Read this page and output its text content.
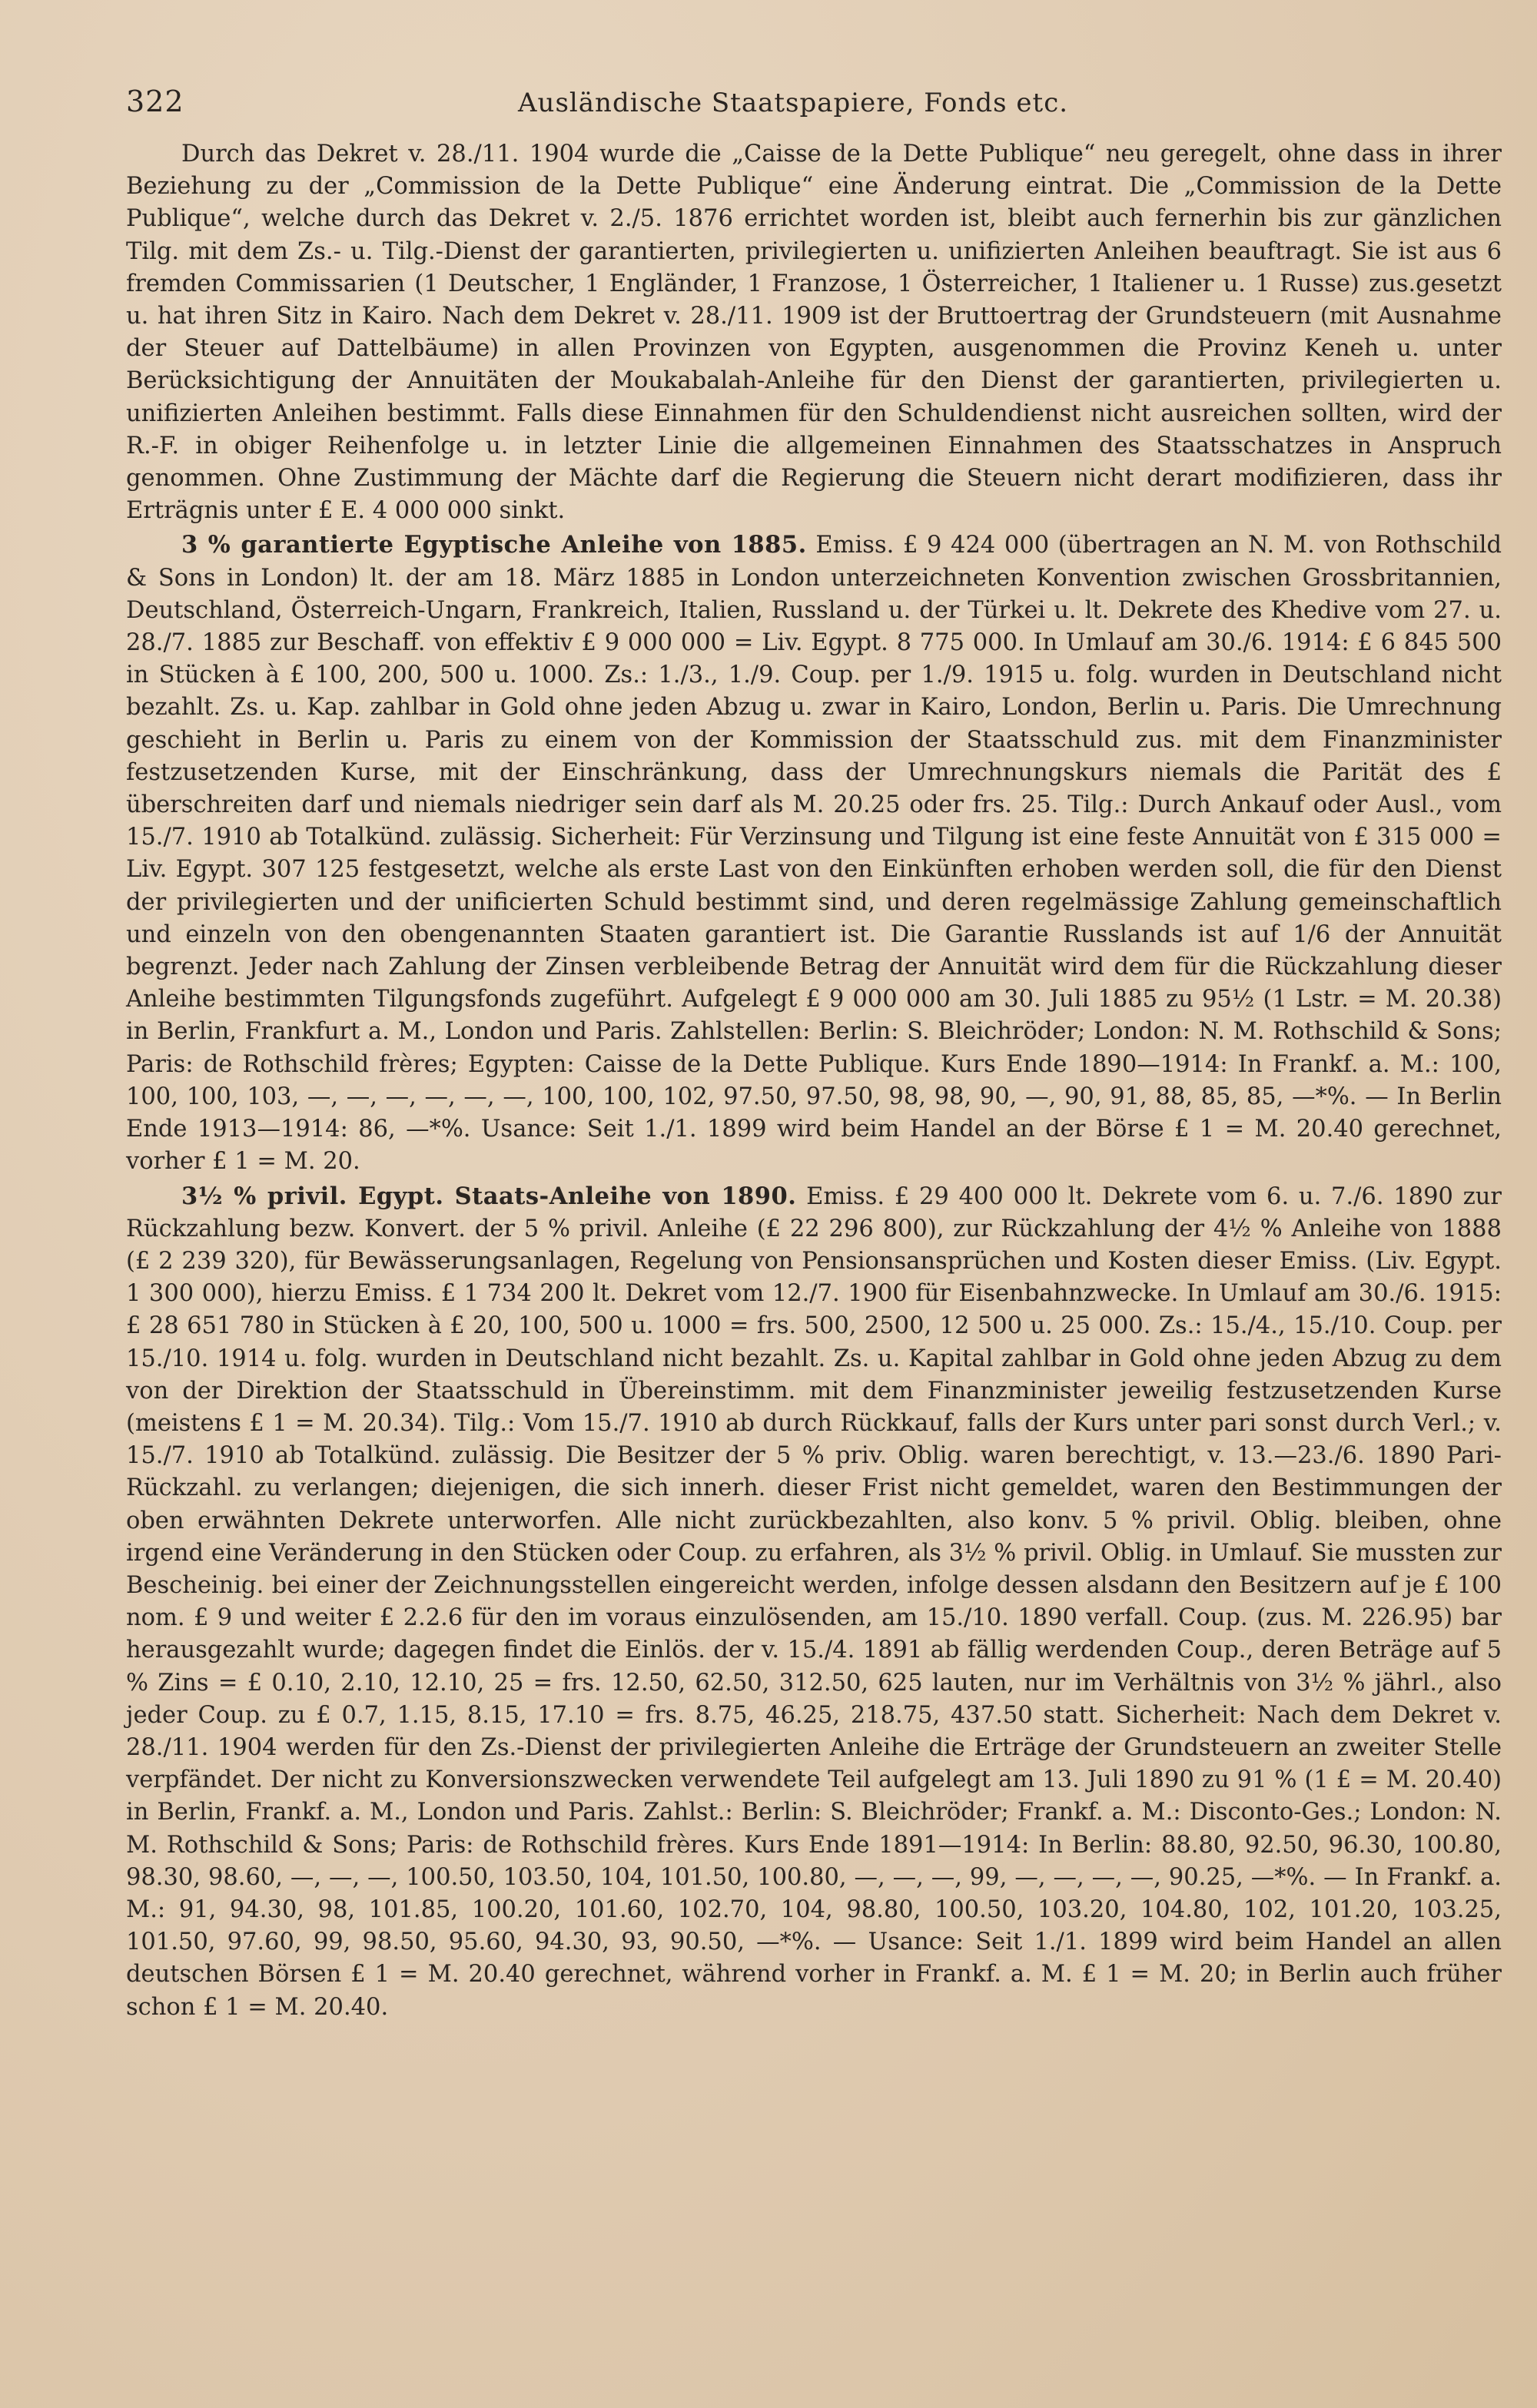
322	Ausländische Staatspapiere, Fonds etc.

Durch das Dekret v. 28./11. 1904 wurde die „Caisse de la Dette Publique“ neu geregelt, ohne dass in ihrer Beziehung zu der „Commission de la Dette Publique“ eine Änderung eintrat. Die „Commission de la Dette Publique“, welche durch das Dekret v. 2./5. 1876 errichtet worden ist, bleibt auch fernerhin bis zur gänzlichen Tilg. mit dem Zs.- u. Tilg.-Dienst der garantierten, privilegierten u. unifizierten Anleihen beauftragt. Sie ist aus 6 fremden Commissarien (1 Deutscher, 1 Engländer, 1 Franzose, 1 Österreicher, 1 Italiener u. 1 Russe) zus.gesetzt u. hat ihren Sitz in Kairo. Nach dem Dekret v. 28./11. 1909 ist der Bruttoertrag der Grundsteuern (mit Ausnahme der Steuer auf Dattelbäume) in allen Provinzen von Egypten, ausgenommen die Provinz Keneh u. unter Berücksichtigung der Annuitäten der Moukabalah-Anleihe für den Dienst der garantierten, privilegierten u. unifizierten Anleihen bestimmt. Falls diese Einnahmen für den Schuldendienst nicht ausreichen sollten, wird der R.-F. in obiger Reihenfolge u. in letzter Linie die allgemeinen Einnahmen des Staatsschatzes in Anspruch genommen. Ohne Zustimmung der Mächte darf die Regierung die Steuern nicht derart modifizieren, dass ihr Erträgnis unter £ E. 4 000 000 sinkt.

3 % garantierte Egyptische Anleihe von 1885. Emiss. £ 9 424 000 (übertragen an N. M. von Rothschild & Sons in London) lt. der am 18. März 1885 in London unterzeichneten Konvention zwischen Grossbritannien, Deutschland, Österreich-Ungarn, Frankreich, Italien, Russland u. der Türkei u. lt. Dekrete des Khedive vom 27. u. 28./7. 1885 zur Beschaff. von effektiv £ 9 000 000 = Liv. Egypt. 8 775 000. In Umlauf am 30./6. 1914: £ 6 845 500 in Stücken à £ 100, 200, 500 u. 1000. Zs.: 1./3., 1./9. Coup. per 1./9. 1915 u. folg. wurden in Deutschland nicht bezahlt. Zs. u. Kap. zahlbar in Gold ohne jeden Abzug u. zwar in Kairo, London, Berlin u. Paris. Die Umrechnung geschieht in Berlin u. Paris zu einem von der Kommission der Staatsschuld zus. mit dem Finanzminister festzusetzenden Kurse, mit der Einschränkung, dass der Umrechnungskurs niemals die Parität des £ überschreiten darf und niemals niedriger sein darf als M. 20.25 oder frs. 25. Tilg.: Durch Ankauf oder Ausl., vom 15./7. 1910 ab Totalkünd. zulässig. Sicherheit: Für Verzinsung und Tilgung ist eine feste Annuität von £ 315 000 = Liv. Egypt. 307 125 festgesetzt, welche als erste Last von den Einkünften erhoben werden soll, die für den Dienst der privilegierten und der unificierten Schuld bestimmt sind, und deren regelmässige Zahlung gemeinschaftlich und einzeln von den obengenannten Staaten garantiert ist. Die Garantie Russlands ist auf 1/6 der Annuität begrenzt. Jeder nach Zahlung der Zinsen verbleibende Betrag der Annuität wird dem für die Rückzahlung dieser Anleihe bestimmten Tilgungsfonds zugeführt. Aufgelegt £ 9 000 000 am 30. Juli 1885 zu 95½ (1 Lstr. = M. 20.38) in Berlin, Frankfurt a. M., London und Paris. Zahlstellen: Berlin: S. Bleichröder; London: N. M. Rothschild & Sons; Paris: de Rothschild frères; Egypten: Caisse de la Dette Publique. Kurs Ende 1890—1914: In Frankf. a. M.: 100, 100, 100, 103, —, —, —, —, —, —, 100, 100, 102, 97.50, 97.50, 98, 98, 90, —, 90, 91, 88, 85, 85, —*%. — In Berlin Ende 1913—1914: 86, —*%. Usance: Seit 1./1. 1899 wird beim Handel an der Börse £ 1 = M. 20.40 gerechnet, vorher £ 1 = M. 20.

3½ % privil. Egypt. Staats-Anleihe von 1890. Emiss. £ 29 400 000 lt. Dekrete vom 6. u. 7./6. 1890 zur Rückzahlung bezw. Konvert. der 5 % privil. Anleihe (£ 22 296 800), zur Rückzahlung der 4½ % Anleihe von 1888 (£ 2 239 320), für Bewässerungsanlagen, Regelung von Pensionsansprüchen und Kosten dieser Emiss. (Liv. Egypt. 1 300 000), hierzu Emiss. £ 1 734 200 lt. Dekret vom 12./7. 1900 für Eisenbahnzwecke. In Umlauf am 30./6. 1915: £ 28 651 780 in Stücken à £ 20, 100, 500 u. 1000 = frs. 500, 2500, 12 500 u. 25 000. Zs.: 15./4., 15./10. Coup. per 15./10. 1914 u. folg. wurden in Deutschland nicht bezahlt. Zs. u. Kapital zahlbar in Gold ohne jeden Abzug zu dem von der Direktion der Staatsschuld in Übereinstimm. mit dem Finanzminister jeweilig festzusetzenden Kurse (meistens £ 1 = M. 20.34). Tilg.: Vom 15./7. 1910 ab durch Rückkauf, falls der Kurs unter pari sonst durch Verl.; v. 15./7. 1910 ab Totalkünd. zulässig. Die Besitzer der 5 % priv. Oblig. waren berechtigt, v. 13.—23./6. 1890 Pari-Rückzahl. zu verlangen; diejenigen, die sich innerh. dieser Frist nicht gemeldet, waren den Bestimmungen der oben erwähnten Dekrete unterworfen. Alle nicht zurückbezahlten, also konv. 5 % privil. Oblig. bleiben, ohne irgend eine Veränderung in den Stücken oder Coup. zu erfahren, als 3½ % privil. Oblig. in Umlauf. Sie mussten zur Bescheinig. bei einer der Zeichnungsstellen eingereicht werden, infolge dessen alsdann den Besitzern auf je £ 100 nom. £ 9 und weiter £ 2.2.6 für den im voraus einzulösenden, am 15./10. 1890 verfall. Coup. (zus. M. 226.95) bar herausgezahlt wurde; dagegen findet die Einlös. der v. 15./4. 1891 ab fällig werdenden Coup., deren Beträge auf 5 % Zins = £ 0.10, 2.10, 12.10, 25 = frs. 12.50, 62.50, 312.50, 625 lauten, nur im Verhältnis von 3½ % jährl., also jeder Coup. zu £ 0.7, 1.15, 8.15, 17.10 = frs. 8.75, 46.25, 218.75, 437.50 statt. Sicherheit: Nach dem Dekret v. 28./11. 1904 werden für den Zs.-Dienst der privilegierten Anleihe die Erträge der Grundsteuern an zweiter Stelle verpfändet. Der nicht zu Konversionszwecken verwendete Teil aufgelegt am 13. Juli 1890 zu 91 % (1 £ = M. 20.40) in Berlin, Frankf. a. M., London und Paris. Zahlst.: Berlin: S. Bleichröder; Frankf. a. M.: Disconto-Ges.; London: N. M. Rothschild & Sons; Paris: de Rothschild frères. Kurs Ende 1891—1914: In Berlin: 88.80, 92.50, 96.30, 100.80, 98.30, 98.60, —, —, —, 100.50, 103.50, 104, 101.50, 100.80, —, —, —, 99, —, —, —, —, 90.25, —*%. — In Frankf. a. M.: 91, 94.30, 98, 101.85, 100.20, 101.60, 102.70, 104, 98.80, 100.50, 103.20, 104.80, 102, 101.20, 103.25, 101.50, 97.60, 99, 98.50, 95.60, 94.30, 93, 90.50, —*%. — Usance: Seit 1./1. 1899 wird beim Handel an allen deutschen Börsen £ 1 = M. 20.40 gerechnet, während vorher in Frankf. a. M. £ 1 = M. 20; in Berlin auch früher schon £ 1 = M. 20.40.
